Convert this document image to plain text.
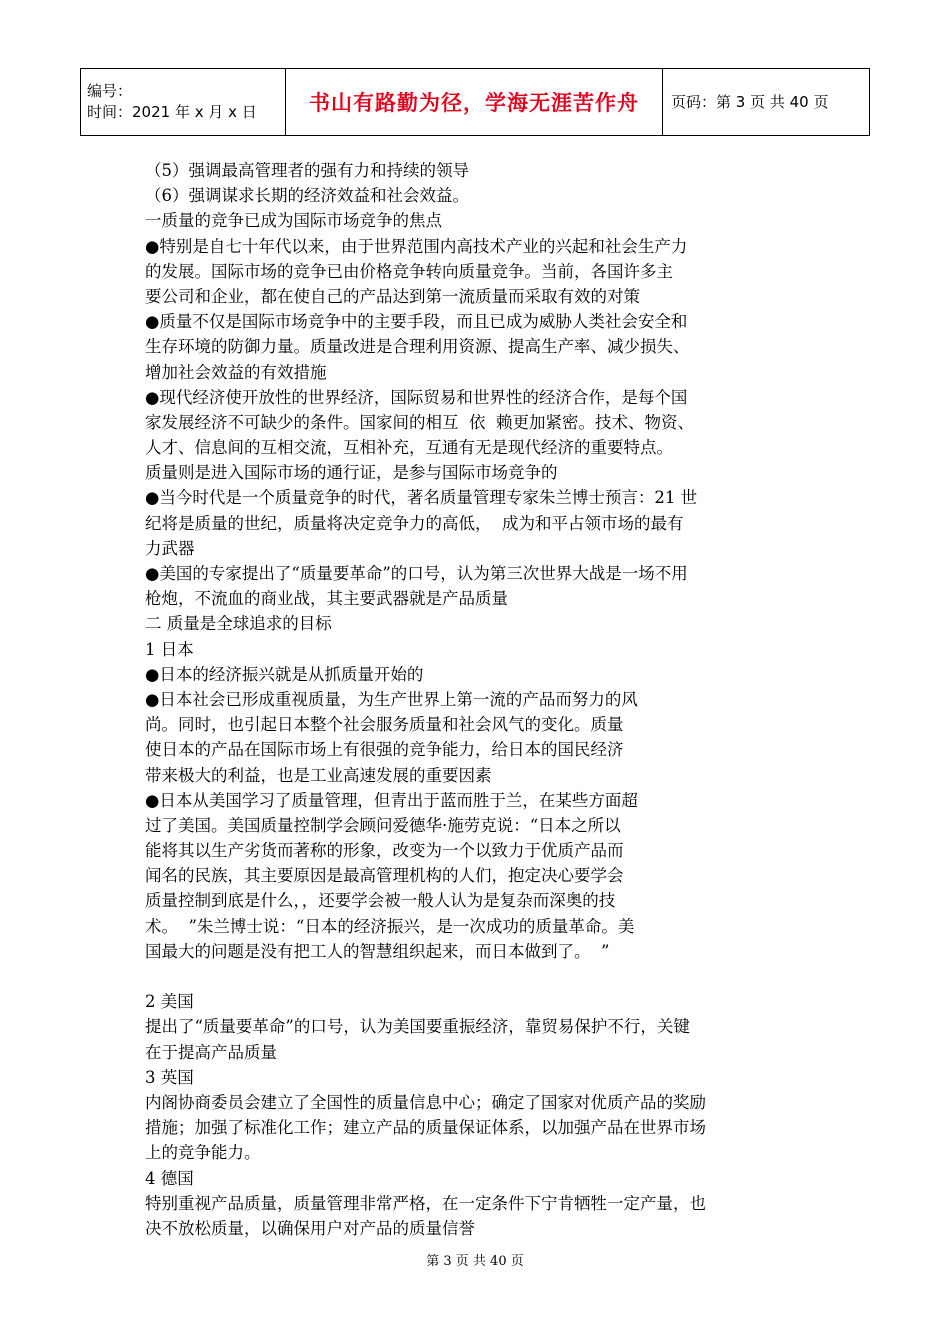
编号：
时间：2021 年 x 月 x 日	书山有路勤为径，学海无涯苦作舟	页码：第 3 页 共 40 页
（5）强调最高管理者的强有力和持续的领导
（6）强调谋求长期的经济效益和社会效益。
一质量的竞争已成为国际市场竞争的焦点
●特别是自七十年代以来，由于世界范围内高技术产业的兴起和社会生产力
的发展。国际市场的竞争已由价格竞争转向质量竞争。当前，各国许多主
要公司和企业，都在使自己的产品达到第一流质量而采取有效的对策
●质量不仅是国际市场竞争中的主要手段，而且已成为威胁人类社会安全和
生存环境的防御力量。质量改进是合理利用资源、提高生产率、减少损失、
增加社会效益的有效措施
●现代经济使开放性的世界经济，国际贸易和世界性的经济合作，是每个国
家发展经济不可缺少的条件。国家间的相互  依  赖更加紧密。技术、物资、
人才、信息间的互相交流，互相补充，互通有无是现代经济的重要特点。
质量则是进入国际市场的通行证，是参与国际市场竞争的
●当今时代是一个质量竞争的时代，著名质量管理专家朱兰博士预言：21 世
纪将是质量的世纪，质量将决定竞争力的高低，  成为和平占领市场的最有
力武器
●美国的专家提出了“质量要革命”的口号，认为第三次世界大战是一场不用
枪炮，不流血的商业战，其主要武器就是产品质量
二 质量是全球追求的目标
1 日本
●日本的经济振兴就是从抓质量开始的
●日本社会已形成重视质量，为生产世界上第一流的产品而努力的风
尚。同时，也引起日本整个社会服务质量和社会风气的变化。质量
使日本的产品在国际市场上有很强的竞争能力，给日本的国民经济
带来极大的利益，也是工业高速发展的重要因素
●日本从美国学习了质量管理，但青出于蓝而胜于兰，在某些方面超
过了美国。美国质量控制学会顾问爱德华·施劳克说：“日本之所以
能将其以生产劣货而著称的形象，改变为一个以致力于优质产品而
闻名的民族，其主要原因是最高管理机构的人们，抱定决心要学会
质量控制到底是什么，，还要学会被一般人认为是复杂而深奥的技
术。  ”朱兰博士说：“日本的经济振兴，是一次成功的质量革命。美
国最大的问题是没有把工人的智慧组织起来，而日本做到了。  ”
2 美国
提出了“质量要革命”的口号，认为美国要重振经济，靠贸易保护不行，关键
在于提高产品质量
3 英国
内阁协商委员会建立了全国性的质量信息中心；确定了国家对优质产品的奖励
措施；加强了标准化工作；建立产品的质量保证体系，以加强产品在世界市场
上的竞争能力。
4 德国
特别重视产品质量，质量管理非常严格，在一定条件下宁肯牺牲一定产量，也
决不放松质量，以确保用户对产品的质量信誉
第 3 页 共 40 页
